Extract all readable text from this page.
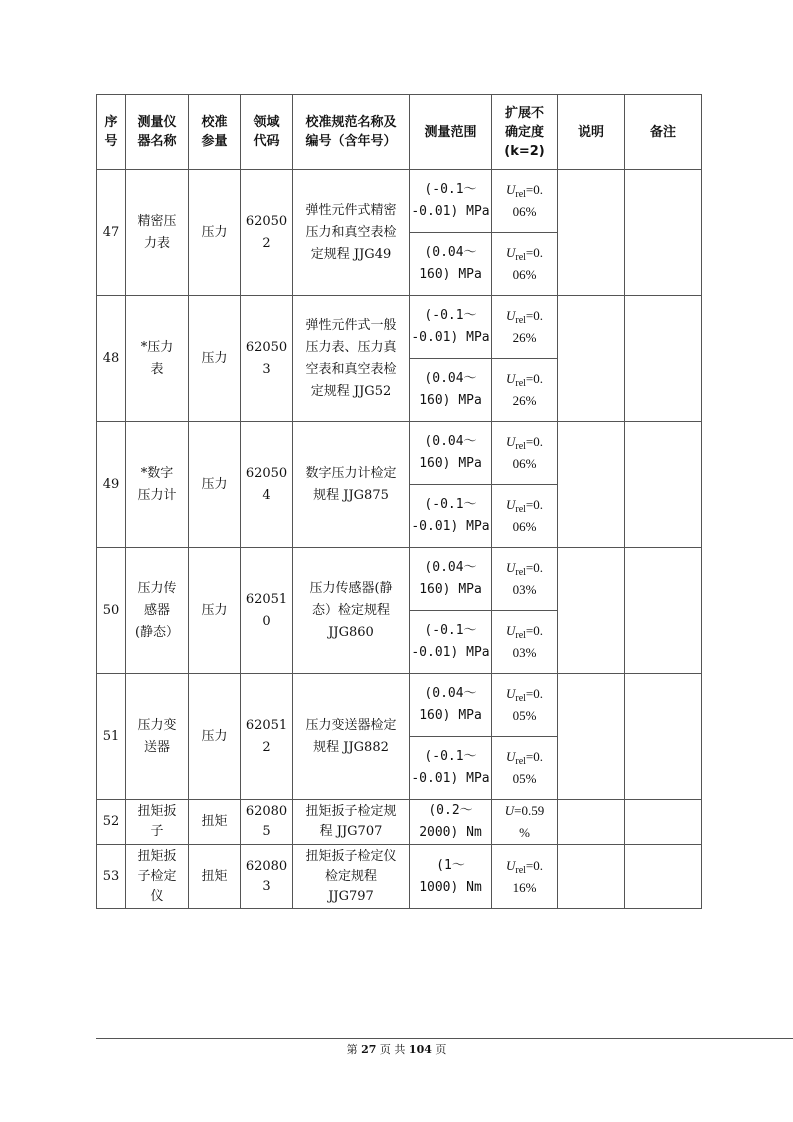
序
号	测量仪
器名称	校准
参量	领域
代码	校准规范名称及
编号（含年号）	测量范围	扩展不
确定度
(k=2)	说明	备注

47	精密压
力表	压力	62050
2	弹性元件式精密
压力和真空表检
定规程 JJG49	(-0.1～
-0.01) MPa	$U_{rel}=0$.
06%		

					(0.04～
160) MPa	$U_{rel}=0$.
06%		

48	*压力
表	压力	62050
3	弹性元件式一般
压力表、压力真
空表和真空表检
定规程 JJG52	(-0.1～
-0.01) MPa	$U_{rel}=0$.
26%		

					(0.04～
160) MPa	$U_{rel}=0$.
26%		

49	*数字
压力计	压力	62050
4	数字压力计检定
规程 JJG875	(0.04～
160) MPa	$U_{rel}=0$.
06%		

					(-0.1～
-0.01) MPa	$U_{rel}=0$.
06%		

50	压力传
感器
(静态）	压力	62051
0	压力传感器(静
态）检定规程
JJG860	(0.04～
160) MPa	$U_{rel}=0$.
03%		

					(-0.1～
-0.01) MPa	$U_{rel}=0$.
03%		

51	压力变
送器	压力	62051
2	压力变送器检定
规程 JJG882	(0.04～
160) MPa	$U_{rel}=0$.
05%		

					(-0.1～
-0.01) MPa	$U_{rel}=0$.
05%		

52	扭矩扳
子	扭矩	62080
5	扭矩扳子检定规
程 JJG707	(0.2～
2000) Nm	U=0.59
%		

53	扭矩扳
子检定
仪	扭矩	62080
3	扭矩扳子检定仪
检定规程
JJG797	(1～
1000) Nm	$U_{rel}=0$.
16%		

第 27 页 共 104 页
